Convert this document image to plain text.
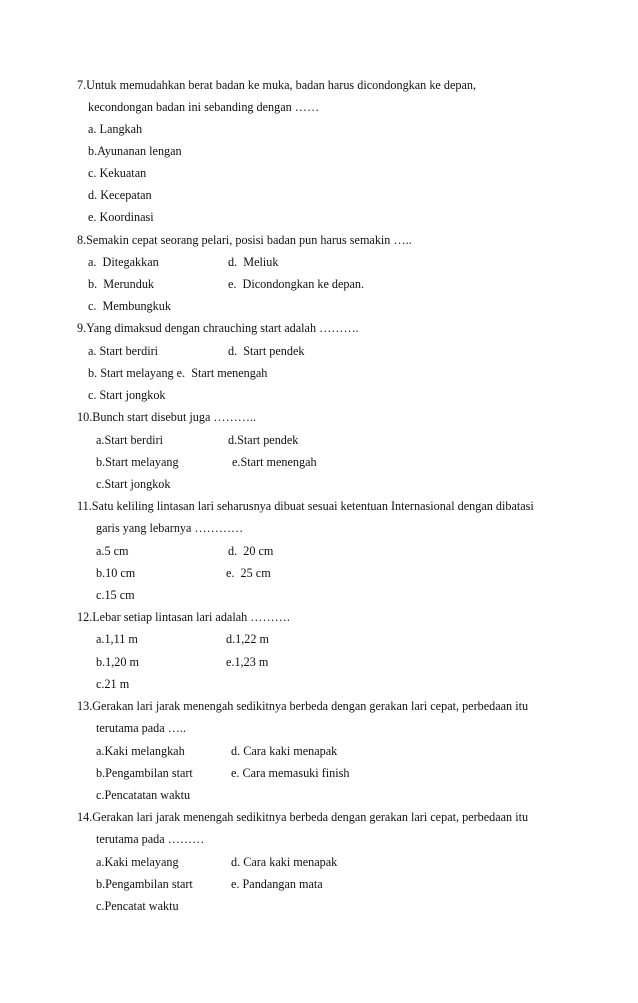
7.Untuk memudahkan berat badan ke muka, badan harus dicondongkan ke depan,
kecondongan badan ini sebanding dengan ……
a. Langkah
b.Ayunanan lengan
c. Kekuatan
d. Kecepatan
e. Koordinasi
8.Semakin cepat seorang pelari, posisi badan pun harus semakin …..
a.  Ditegakkan	d.  Meliuk
b.  Merunduk	e.  Dicondongkan ke depan.
c.  Membungkuk
9.Yang dimaksud dengan chrauching start adalah ……….
a. Start berdiri	d.  Start pendek
b. Start melayang e.  Start menengah
c. Start jongkok
10.Bunch start disebut juga ………..
a.Start berdiri	d.Start pendek
b.Start melayang	e.Start menengah
c.Start jongkok
11.Satu keliling lintasan lari seharusnya dibuat sesuai ketentuan Internasional dengan dibatasi
garis yang lebarnya …………
a.5 cm	d.  20 cm
b.10 cm	e.  25 cm
c.15 cm
12.Lebar setiap lintasan lari adalah ……….
a.1,11 m	d.1,22 m
b.1,20 m	e.1,23 m
c.21 m
13.Gerakan lari jarak menengah sedikitnya berbeda dengan gerakan lari cepat, perbedaan itu
terutama pada …..
a.Kaki melangkah	d. Cara kaki menapak
b.Pengambilan start	e. Cara memasuki finish
c.Pencatatan waktu
14.Gerakan lari jarak menengah sedikitnya berbeda dengan gerakan lari cepat, perbedaan itu
terutama pada ………
a.Kaki melayang	d. Cara kaki menapak
b.Pengambilan start	e. Pandangan mata
c.Pencatat waktu
